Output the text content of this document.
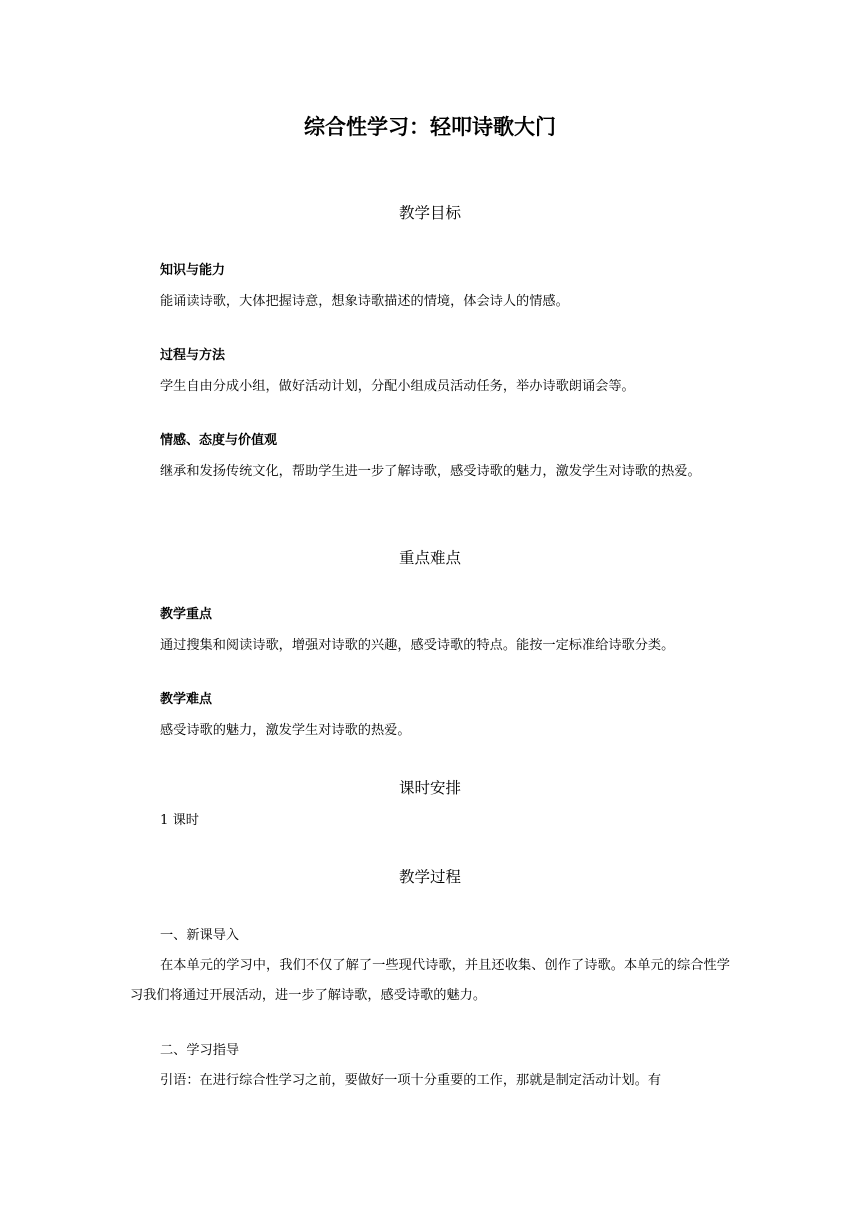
综合性学习：轻叩诗歌大门
教学目标
知识与能力
能诵读诗歌，大体把握诗意，想象诗歌描述的情境，体会诗人的情感。
过程与方法
学生自由分成小组，做好活动计划，分配小组成员活动任务，举办诗歌朗诵会等。
情感、态度与价值观
继承和发扬传统文化，帮助学生进一步了解诗歌，感受诗歌的魅力，激发学生对诗歌的热爱。
重点难点
教学重点
通过搜集和阅读诗歌，增强对诗歌的兴趣，感受诗歌的特点。能按一定标准给诗歌分类。
教学难点
感受诗歌的魅力，激发学生对诗歌的热爱。
课时安排
1 课时
教学过程
一、新课导入
在本单元的学习中，我们不仅了解了一些现代诗歌，并且还收集、创作了诗歌。本单元的综合性学习我们将通过开展活动，进一步了解诗歌，感受诗歌的魅力。
二、学习指导
引语：在进行综合性学习之前，要做好一项十分重要的工作，那就是制定活动计划。有
